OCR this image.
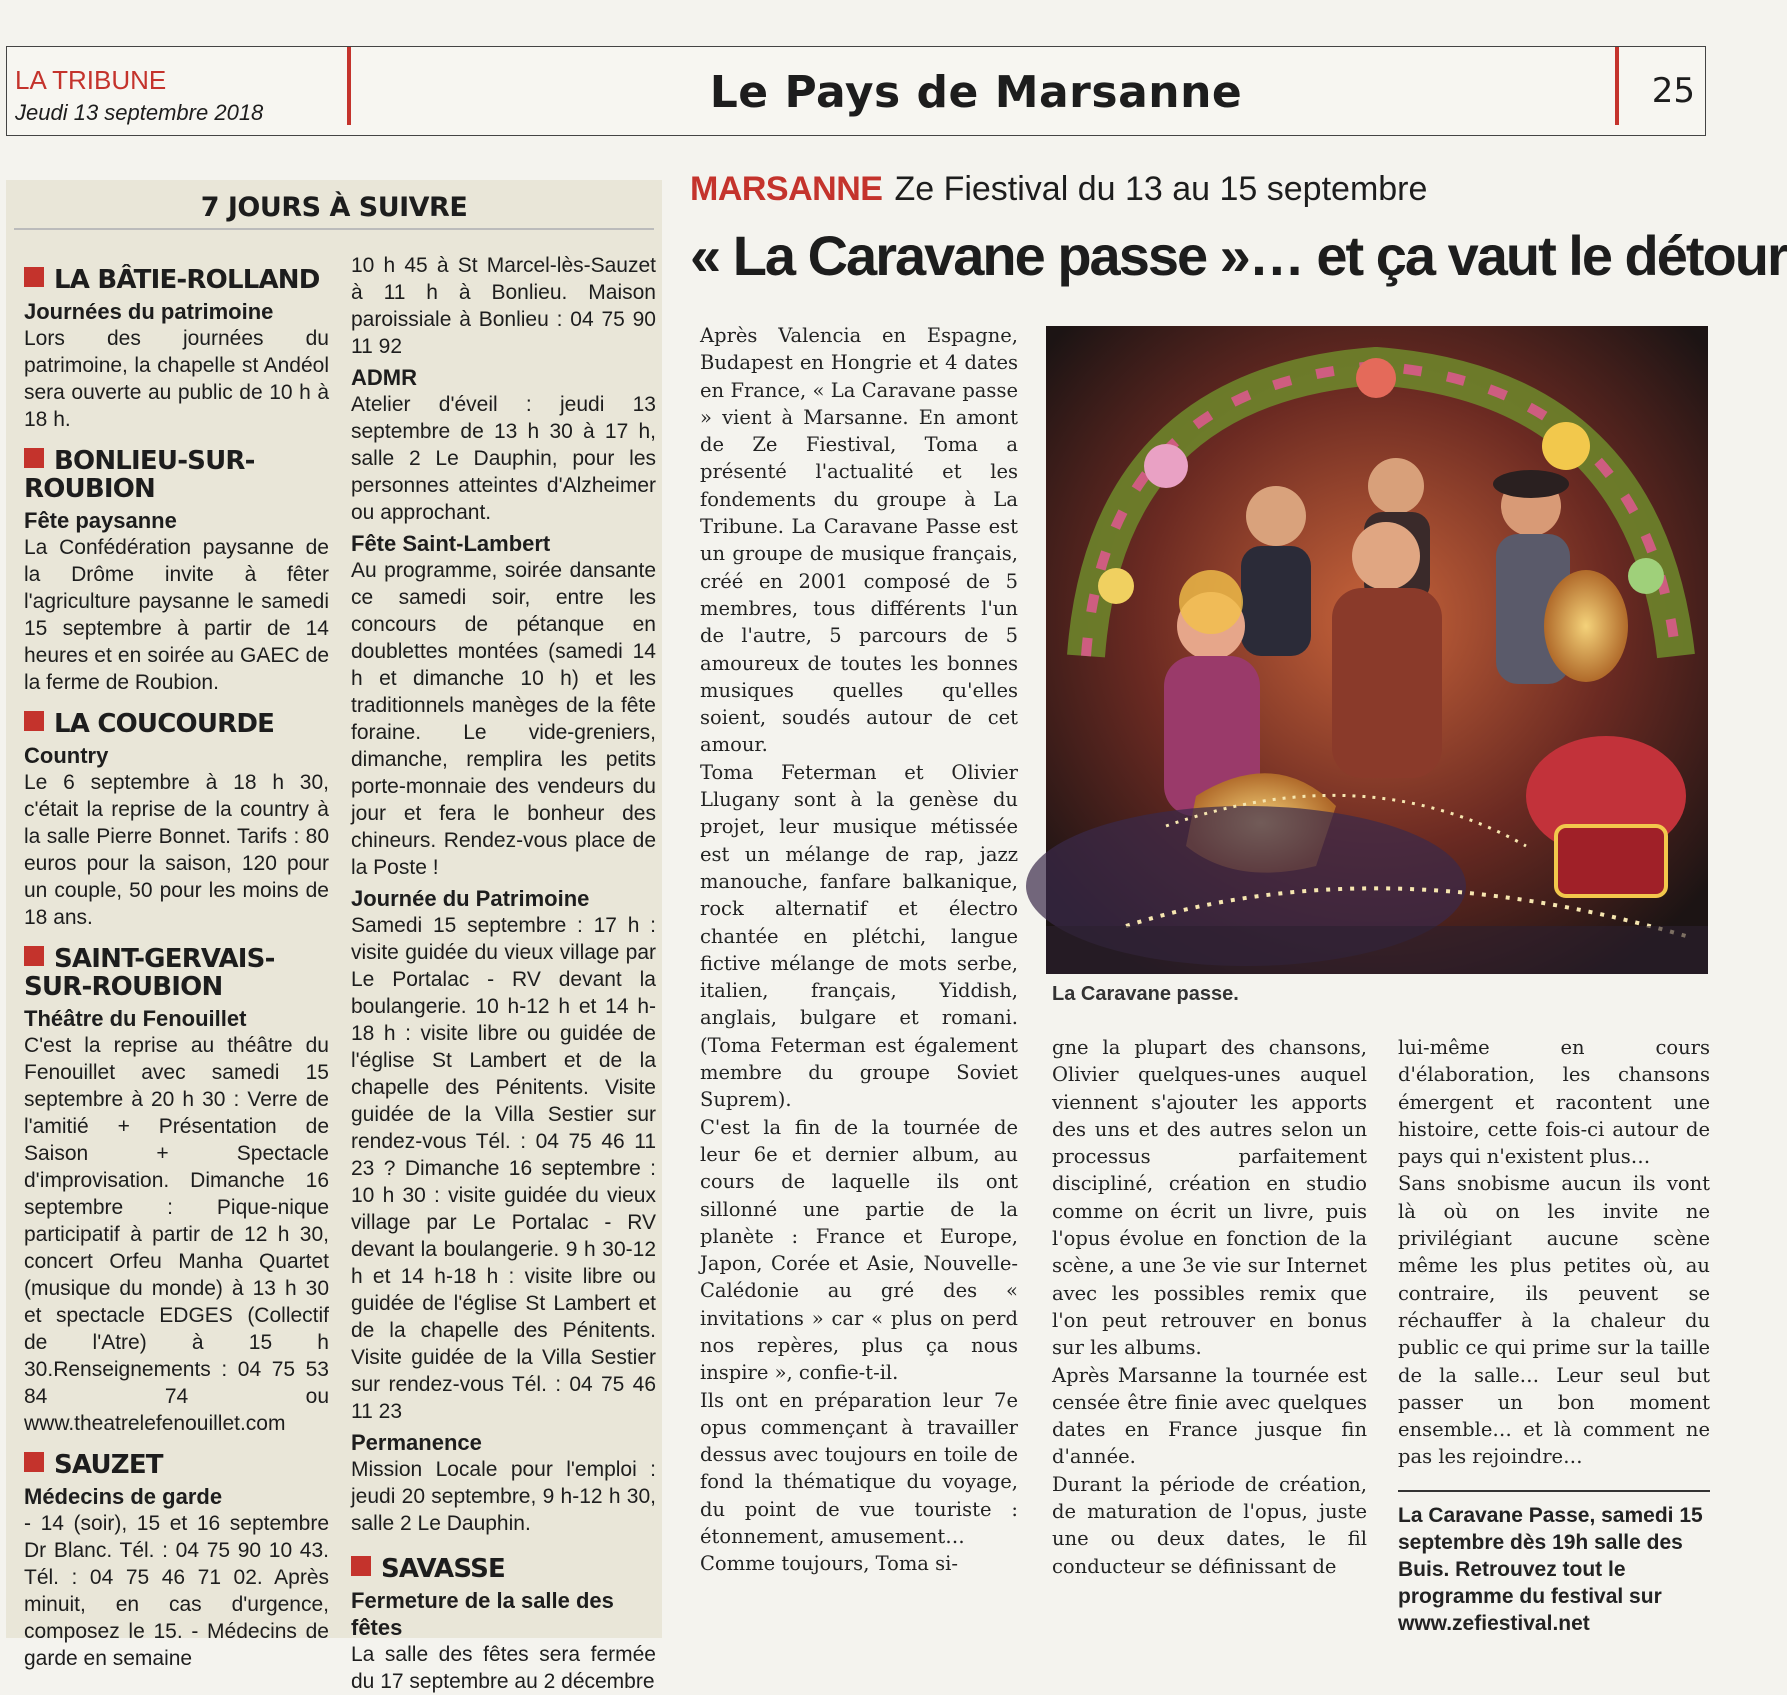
LA TRIBUNE
Jeudi 13 septembre 2018	Le Pays de Marsanne	25
7 JOURS À SUIVRE
LA BÂTIE-ROLLAND
Journées du patrimoine
Lors des journées du patrimoine, la chapelle st Andéol sera ouverte au public de 10 h à 18 h.
BONLIEU-SUR-ROUBION
Fête paysanne
La Confédération paysanne de la Drôme invite à fêter l'agriculture paysanne le samedi 15 septembre à partir de 14 heures et en soirée au GAEC de la ferme de Roubion.
LA COUCOURDE
Country
Le 6 septembre à 18 h 30, c'était la reprise de la country à la salle Pierre Bonnet. Tarifs : 80 euros pour la saison, 120 pour un couple, 50 pour les moins de 18 ans.
SAINT-GERVAIS-SUR-ROUBION
Théâtre du Fenouillet
C'est la reprise au théâtre du Fenouillet avec samedi 15 septembre à 20 h 30 : Verre de l'amitié + Présentation de Saison + Spectacle d'improvisation. Dimanche 16 septembre : Pique-nique participatif à partir de 12 h 30, concert Orfeu Manha Quartet (musique du monde) à 13 h 30 et spectacle EDGES (Collectif de l'Atre) à 15 h 30.Renseignements : 04 75 53 84 74 ou www.theatrelefenouillet.com
SAUZET
Médecins de garde
- 14 (soir), 15 et 16 septembre Dr Blanc. Tél. : 04 75 90 10 43. Tél. : 04 75 46 71 02. Après minuit, en cas d'urgence, composez le 15. - Médecins de garde en semaine
10 h 45 à St Marcel-lès-Sauzet à 11 h à Bonlieu. Maison paroissiale à Bonlieu : 04 75 90 11 92
ADMR
Atelier d'éveil : jeudi 13 septembre de 13 h 30 à 17 h, salle 2 Le Dauphin, pour les personnes atteintes d'Alzheimer ou approchant.
Fête Saint-Lambert
Au programme, soirée dansante ce samedi soir, entre les concours de pétanque en doublettes montées (samedi 14 h et dimanche 10 h) et les traditionnels manèges de la fête foraine. Le vide-greniers, dimanche, remplira les petits porte-monnaie des vendeurs du jour et fera le bonheur des chineurs. Rendez-vous place de la Poste !
Journée du Patrimoine
Samedi 15 septembre : 17 h : visite guidée du vieux village par Le Portalac - RV devant la boulangerie. 10 h-12 h et 14 h-18 h : visite libre ou guidée de l'église St Lambert et de la chapelle des Pénitents. Visite guidée de la Villa Sestier sur rendez-vous Tél. : 04 75 46 11 23 ? Dimanche 16 septembre : 10 h 30 : visite guidée du vieux village par Le Portalac - RV devant la boulangerie. 9 h 30-12 h et 14 h-18 h : visite libre ou guidée de l'église St Lambert et de la chapelle des Pénitents. Visite guidée de la Villa Sestier sur rendez-vous Tél. : 04 75 46 11 23
Permanence
Mission Locale pour l'emploi : jeudi 20 septembre, 9 h-12 h 30, salle 2 Le Dauphin.
SAVASSE
Fermeture de la salle des fêtes
La salle des fêtes sera fermée du 17 septembre au 2 décembre
MARSANNE Ze Fiestival du 13 au 15 septembre
« La Caravane passe »… et ça vaut le détour

Après Valencia en Espagne, Budapest en Hongrie et 4 dates en France, « La Caravane passe » vient à Marsanne. En amont de Ze Fiestival, Toma a présenté l'actualité et les fondements du groupe à La Tribune. La Caravane Passe est un groupe de musique français, créé en 2001 composé de 5 membres, tous différents l'un de l'autre, 5 parcours de 5 amoureux de toutes les bonnes musiques quelles qu'elles soient, soudés autour de cet amour.

Toma Feterman et Olivier Llugany sont à la genèse du projet, leur musique métissée est un mélange de rap, jazz manouche, fanfare balkanique, rock alternatif et électro chantée en plétchi, langue fictive mélange de mots serbe, italien, français, Yiddish, anglais, bulgare et romani. (Toma Feterman est également membre du groupe Soviet Suprem).

C'est la fin de la tournée de leur 6e et dernier album, au cours de laquelle ils ont sillonné une partie de la planète : France et Europe, Japon, Corée et Asie, Nouvelle-Calédonie au gré des « invitations » car « plus on perd nos repères, plus ça nous inspire », confie-t-il.

Ils ont en préparation leur 7e opus commençant à travailler dessus avec toujours en toile de fond la thématique du voyage, du point de vue touriste : étonnement, amusement…

Comme toujours, Toma si-

La Caravane passe.

gne la plupart des chansons, Olivier quelques-unes auquel viennent s'ajouter les apports des uns et des autres selon un processus parfaitement discipliné, création en studio comme on écrit un livre, puis l'opus évolue en fonction de la scène, a une 3e vie sur Internet avec les possibles remix que l'on peut retrouver en bonus sur les albums.

Après Marsanne la tournée est censée être finie avec quelques dates en France jusque fin d'année.

Durant la période de création, de maturation de l'opus, juste une ou deux dates, le fil conducteur se définissant de

lui-même en cours d'élaboration, les chansons émergent et racontent une histoire, cette fois-ci autour de pays qui n'existent plus…

Sans snobisme aucun ils vont là où on les invite ne privilégiant aucune scène même les plus petites où, au contraire, ils peuvent se réchauffer à la chaleur du public ce qui prime sur la taille de la salle… Leur seul but passer un bon moment ensemble… et là comment ne pas les rejoindre…

La Caravane Passe, samedi 15 septembre dès 19h salle des Buis. Retrouvez tout le programme du festival sur www.zefiestival.net
